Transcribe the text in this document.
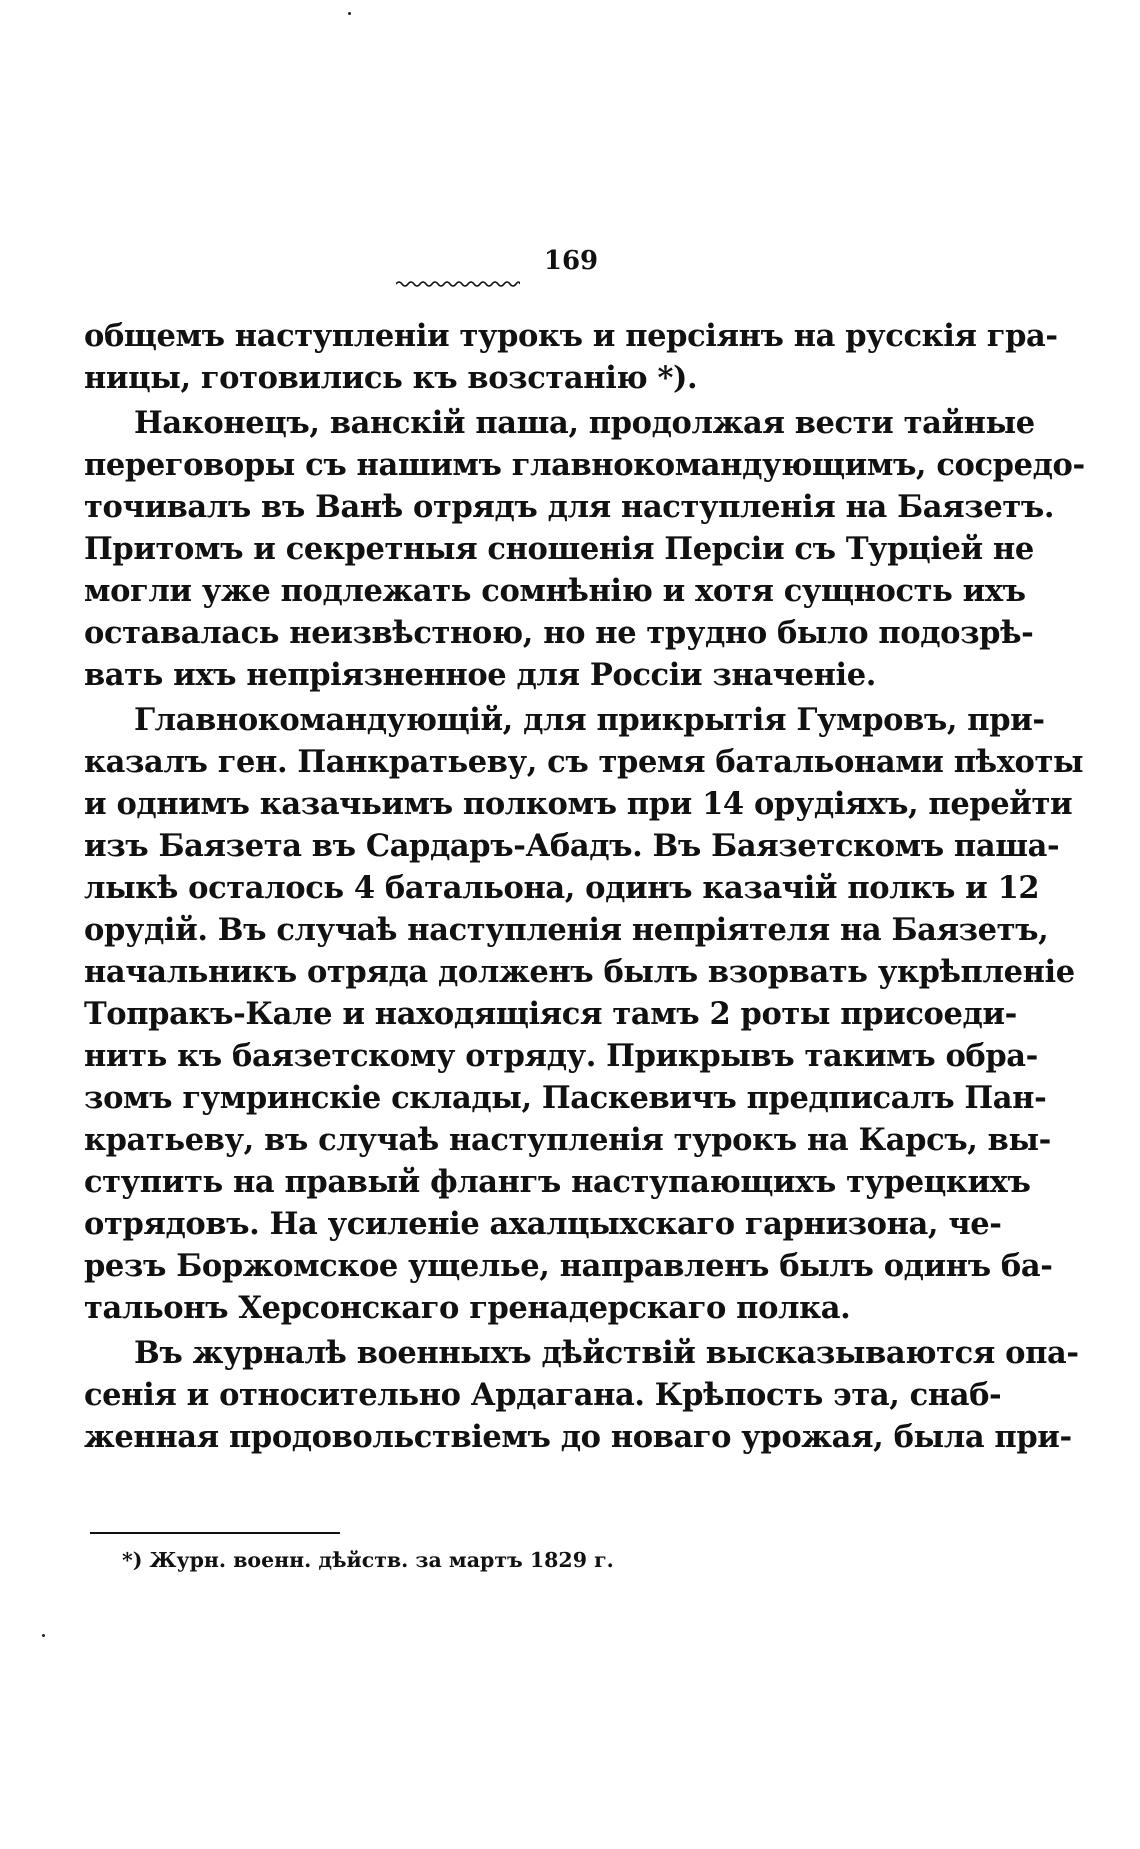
169
общемъ наступленіи турокъ и персіянъ на русскія гра-
ницы, готовились къ возстанію *).
Наконецъ, ванскій паша, продолжая вести тайные
переговоры съ нашимъ главнокомандующимъ, сосредо-
точивалъ въ Ванѣ отрядъ для наступленія на Баязетъ.
Притомъ и секретныя сношенія Персіи съ Турціей не
могли уже подлежать сомнѣнію и хотя сущность ихъ
оставалась неизвѣстною, но не трудно было подозрѣ-
вать ихъ непріязненное для Россіи значеніе.
Главнокомандующій, для прикрытія Гумровъ, при-
казалъ ген. Панкратьеву, съ тремя батальонами пѣхоты
и однимъ казачьимъ полкомъ при 14 орудіяхъ, перейти
изъ Баязета въ Сардаръ-Абадъ. Въ Баязетскомъ паша-
лыкѣ осталось 4 батальона, одинъ казачій полкъ и 12
орудій. Въ случаѣ наступленія непріятеля на Баязетъ,
начальникъ отряда долженъ былъ взорвать укрѣпленіе
Топракъ-Кале и находящіяся тамъ 2 роты присоеди-
нить къ баязетскому отряду. Прикрывъ такимъ обра-
зомъ гумринскіе склады, Паскевичъ предписалъ Пан-
кратьеву, въ случаѣ наступленія турокъ на Карсъ, вы-
ступить на правый флангъ наступающихъ турецкихъ
отрядовъ. На усиленіе ахалцыхскаго гарнизона, че-
резъ Боржомское ущелье, направленъ былъ одинъ ба-
тальонъ Херсонскаго гренадерскаго полка.
Въ журналѣ военныхъ дѣйствій высказываются опа-
сенія и относительно Ардагана. Крѣпость эта, снаб-
женная продовольствіемъ до новаго урожая, была при-
*) Журн. военн. дѣйств. за мартъ 1829 г.
